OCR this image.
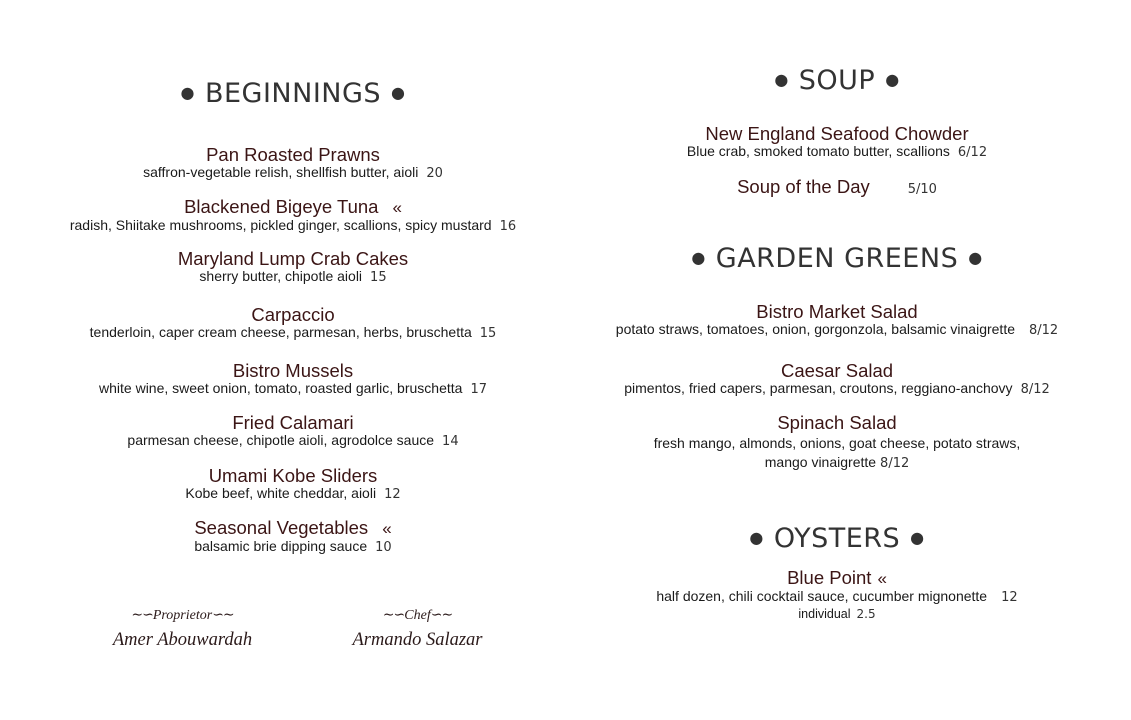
● BEGINNINGS ●
Pan Roasted Prawns
saffron-vegetable relish, shellfish butter, aioli 20
Blackened Bigeye Tuna «
radish, Shiitake mushrooms, pickled ginger, scallions, spicy mustard 16
Maryland Lump Crab Cakes
sherry butter, chipotle aioli 15
Carpaccio
tenderloin, caper cream cheese, parmesan, herbs, bruschetta 15
Bistro Mussels
white wine, sweet onion, tomato, roasted garlic, bruschetta 17
Fried Calamari
parmesan cheese, chipotle aioli, agrodolce sauce 14
Umami Kobe Sliders
Kobe beef, white cheddar, aioli 12
Seasonal Vegetables «
balsamic brie dipping sauce 10
∼∽Proprietor∽∼
Amer Abouwardah
∼∽Chef∽∼
Armando Salazar
● SOUP ●
New England Seafood Chowder
Blue crab, smoked tomato butter, scallions 6/12
Soup of the Day	5/10
● GARDEN GREENS ●
Bistro Market Salad
potato straws, tomatoes, onion, gorgonzola, balsamic vinaigrette 8/12
Caesar Salad
pimentos, fried capers, parmesan, croutons, reggiano-anchovy 8/12
Spinach Salad
fresh mango, almonds, onions, goat cheese, potato straws,
mango vinaigrette 8/12
● OYSTERS ●
Blue Point «
half dozen, chili cocktail sauce, cucumber mignonette 12
individual 2.5
